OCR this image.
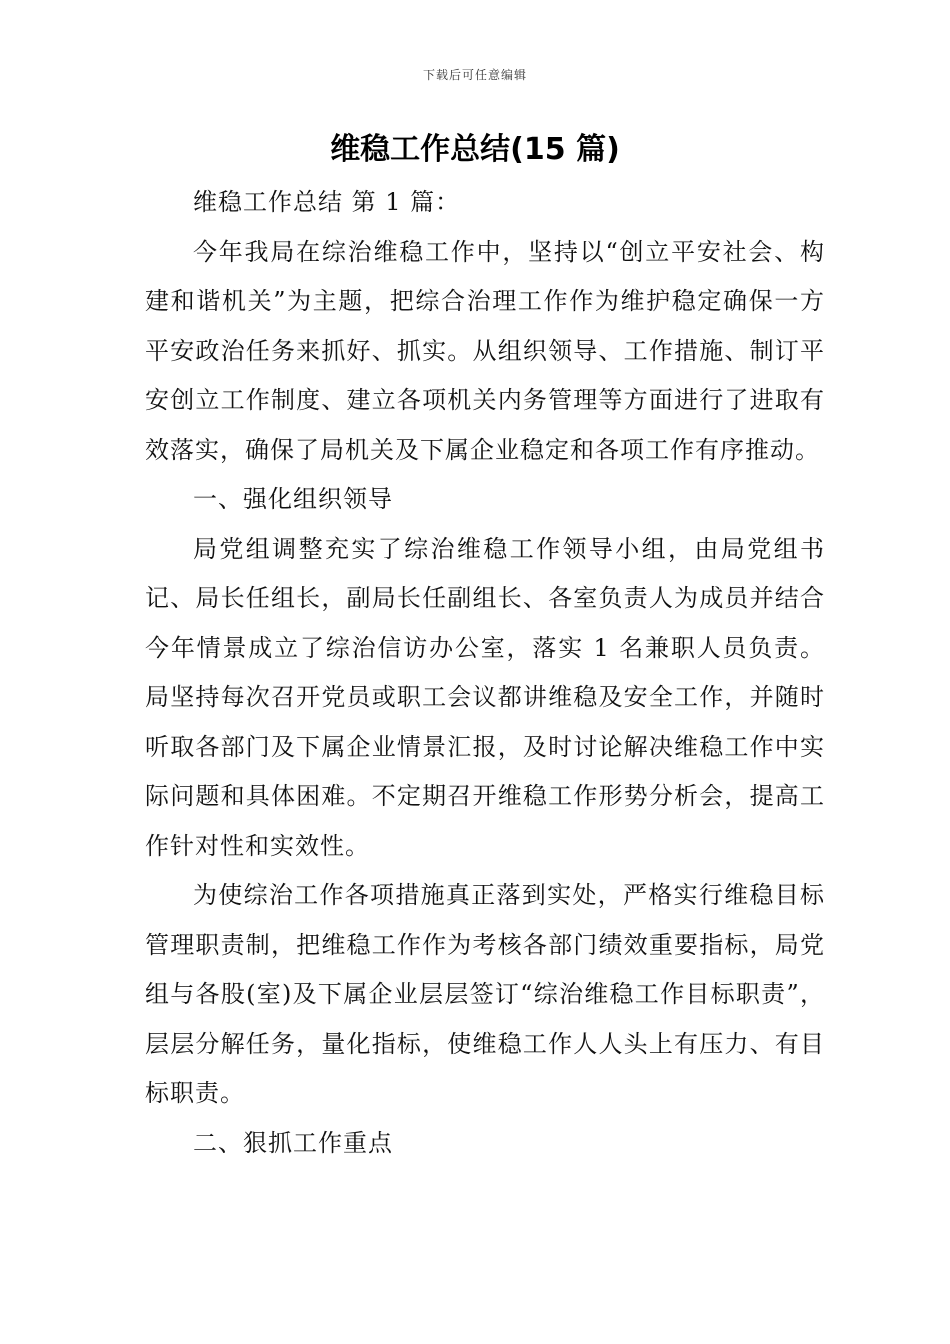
下载后可任意编辑
维稳工作总结(15 篇)

维稳工作总结 第 1 篇：

今年我局在综治维稳工作中，坚持以“创立平安社会、构建和谐机关”为主题，把综合治理工作作为维护稳定确保一方平安政治任务来抓好、抓实。从组织领导、工作措施、制订平安创立工作制度、建立各项机关内务管理等方面进行了进取有效落实，确保了局机关及下属企业稳定和各项工作有序推动。

一、强化组织领导

局党组调整充实了综治维稳工作领导小组，由局党组书记、局长任组长，副局长任副组长、各室负责人为成员并结合今年情景成立了综治信访办公室，落实 1 名兼职人员负责。局坚持每次召开党员或职工会议都讲维稳及安全工作，并随时听取各部门及下属企业情景汇报，及时讨论解决维稳工作中实际问题和具体困难。不定期召开维稳工作形势分析会，提高工作针对性和实效性。

为使综治工作各项措施真正落到实处，严格实行维稳目标管理职责制，把维稳工作作为考核各部门绩效重要指标，局党组与各股(室)及下属企业层层签订“综治维稳工作目标职责”，层层分解任务，量化指标，使维稳工作人人头上有压力、有目标职责。

二、狠抓工作重点
